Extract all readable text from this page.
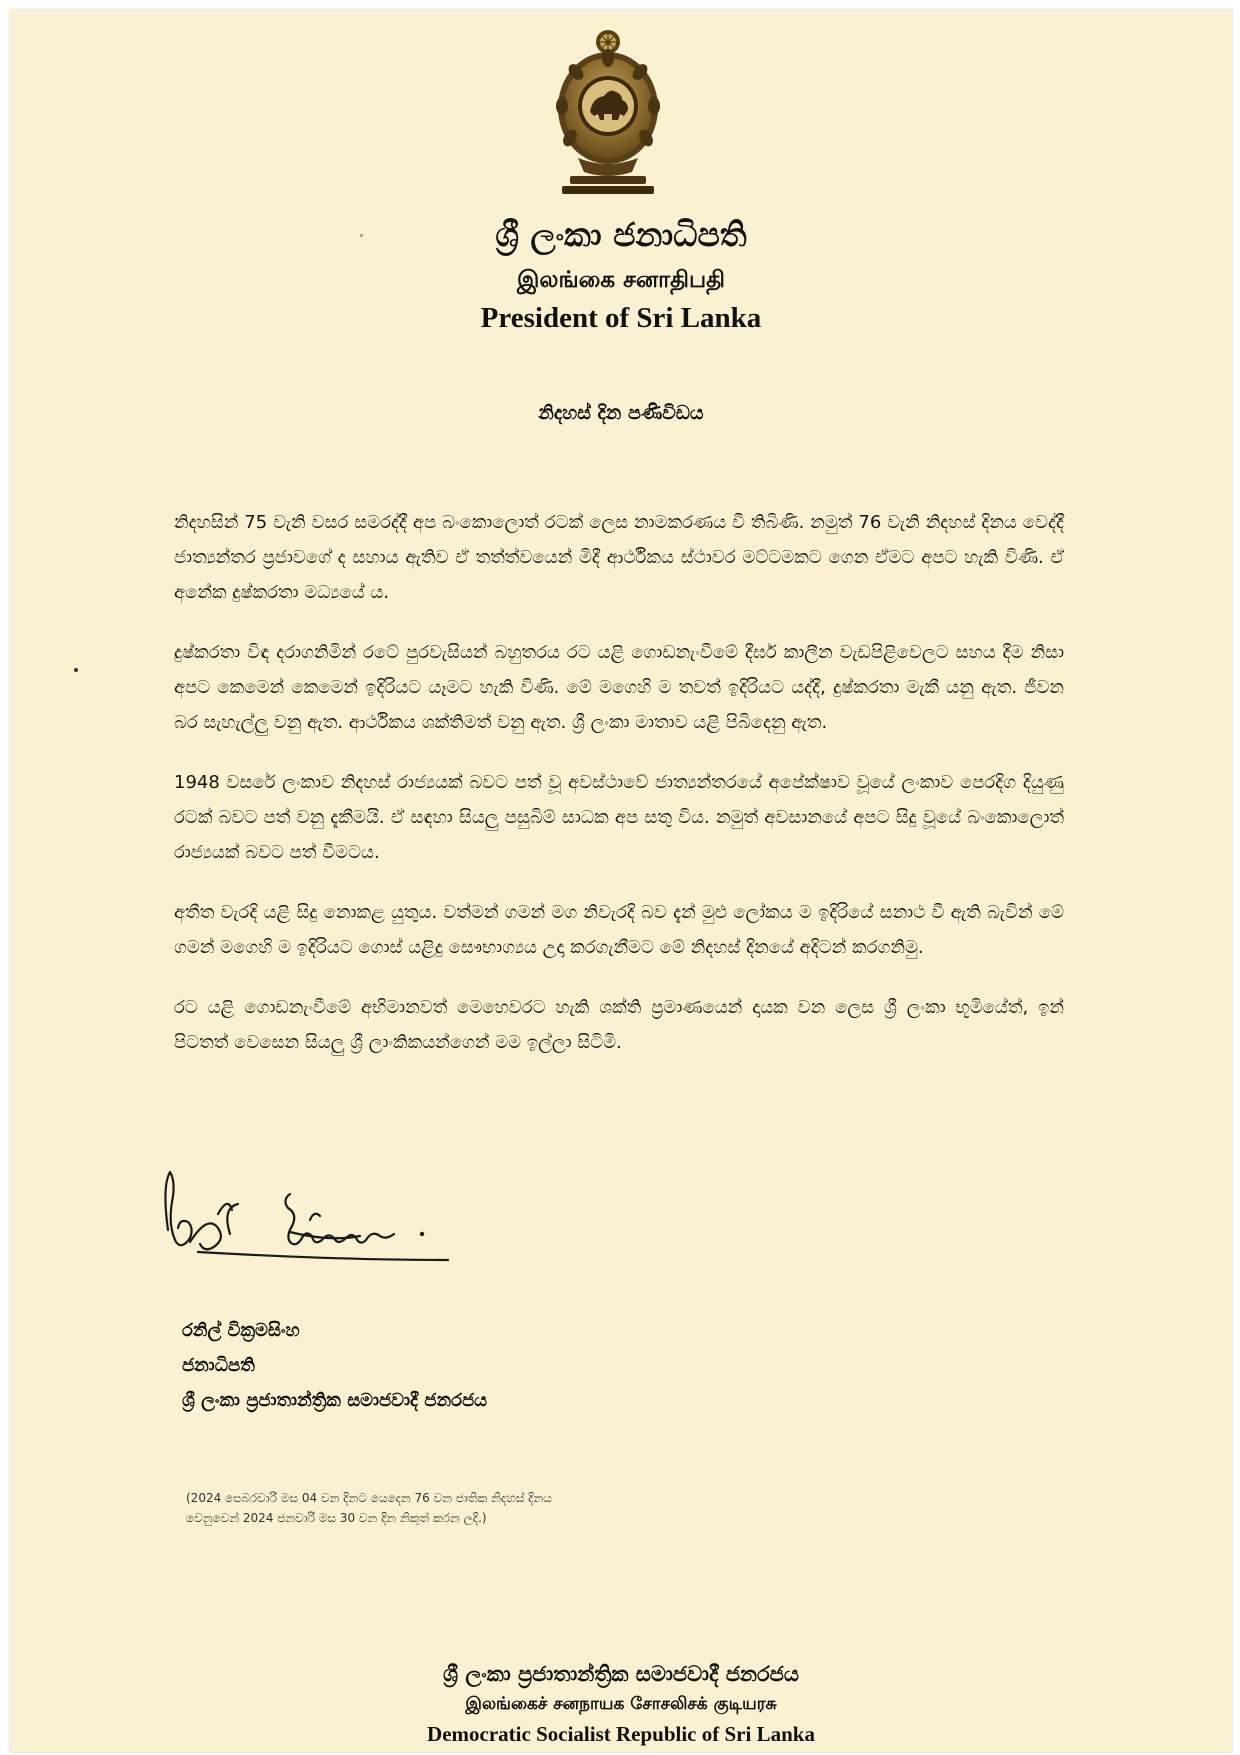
ශ්‍රී ලංකා ජනාධිපති
இலங்கை சனாதிபதி
President of Sri Lanka
නිදහස් දින පණිවිඩය

නිදහසින් 75 වැනි වසර සමරද්දී අප බංකොලොත් රටක් ලෙස නාමකරණය වී තිබිණි. නමුත් 76 වැනි නිදහස් දිනය වෙද්දී ජාත්‍යන්තර ප්‍රජාවගේ ද සහාය ඇතිව ඒ තත්ත්වයෙන් මිදී ආර්ථිකය ස්ථාවර මට්ටමකට ගෙන ඒමට අපට හැකි විණි. ඒ අනේක දුෂ්කරතා මධ්‍යයේ ය.

දුෂ්කරතා විඳ දරාගනිමින් රටේ පුරවැසියන් බහුතරය රට යළි ගොඩනැංවීමේ දීර්ඝ කාලීන වැඩපිළිවෙලට සහය දීම නිසා අපට කෙමෙන් කෙමෙන් ඉදිරියට යෑමට හැකි විණි. මේ මගෙහි ම තවත් ඉදිරියට යද්දී, දුෂ්කරතා මැකී යනු ඇත. ජීවන බර සැහැල්ලු වනු ඇත. ආර්ථිකය ශක්තිමත් වනු ඇත. ශ්‍රී ලංකා මාතාව යළි පිබිදෙනු ඇත.

1948 වසරේ ලංකාව නිදහස් රාජ්‍යයක් බවට පත් වූ අවස්ථාවේ ජාත්‍යන්තරයේ අපේක්ෂාව වූයේ ලංකාව පෙරදිග දියුණු රටක් බවට පත් වනු දැකීමයි. ඒ සඳහා සියලු පසුබිම් සාධක අප සතු විය. නමුත් අවසානයේ අපට සිදු වූයේ බංකොලොත් රාජ්‍යයක් බවට පත් වීමටය.

අතීත වැරදි යළි සිදු නොකළ යුතුය. වත්මන් ගමන් මග නිවැරදි බව දැන් මුළු ලෝකය ම ඉදිරියේ සනාථ වී ඇති බැවින් මේ ගමන් මගෙහි ම ඉදිරියට ගොස් යළිදු සෞභාග්‍යය උදා කරගැනීමට මේ නිදහස් දිනයේ අදිටන් කරගනිමු.

රට යළි ගොඩනැංවීමේ අභිමානවත් මෙහෙවරට හැකි ශක්ති ප්‍රමාණයෙන් දායක වන ලෙස ශ්‍රී ලංකා භූමියේත්, ඉන් පිටතත් වෙසෙන සියලු ශ්‍රී ලාංකිකයන්ගෙන් මම ඉල්ලා සිටිමි.

රනිල් වික්‍රමසිංහ
ජනාධිපති
ශ්‍රී ලංකා ප්‍රජාතාන්ත්‍රික සමාජවාදී ජනරජය
(2024 පෙබරවාරි මස 04 වන දිනට යෙදෙන 76 වන ජාතික නිදහස් දිනය
වෙනුවෙන් 2024 ජනවාරි මස 30 වන දින නිකුත් කරන ලදි.)
ශ්‍රී ලංකා ප්‍රජාතාන්ත්‍රික සමාජවාදී ජනරජය
இலங்கைச் சனநாயக சோசலிசக் குடியரசு
Democratic Socialist Republic of Sri Lanka
